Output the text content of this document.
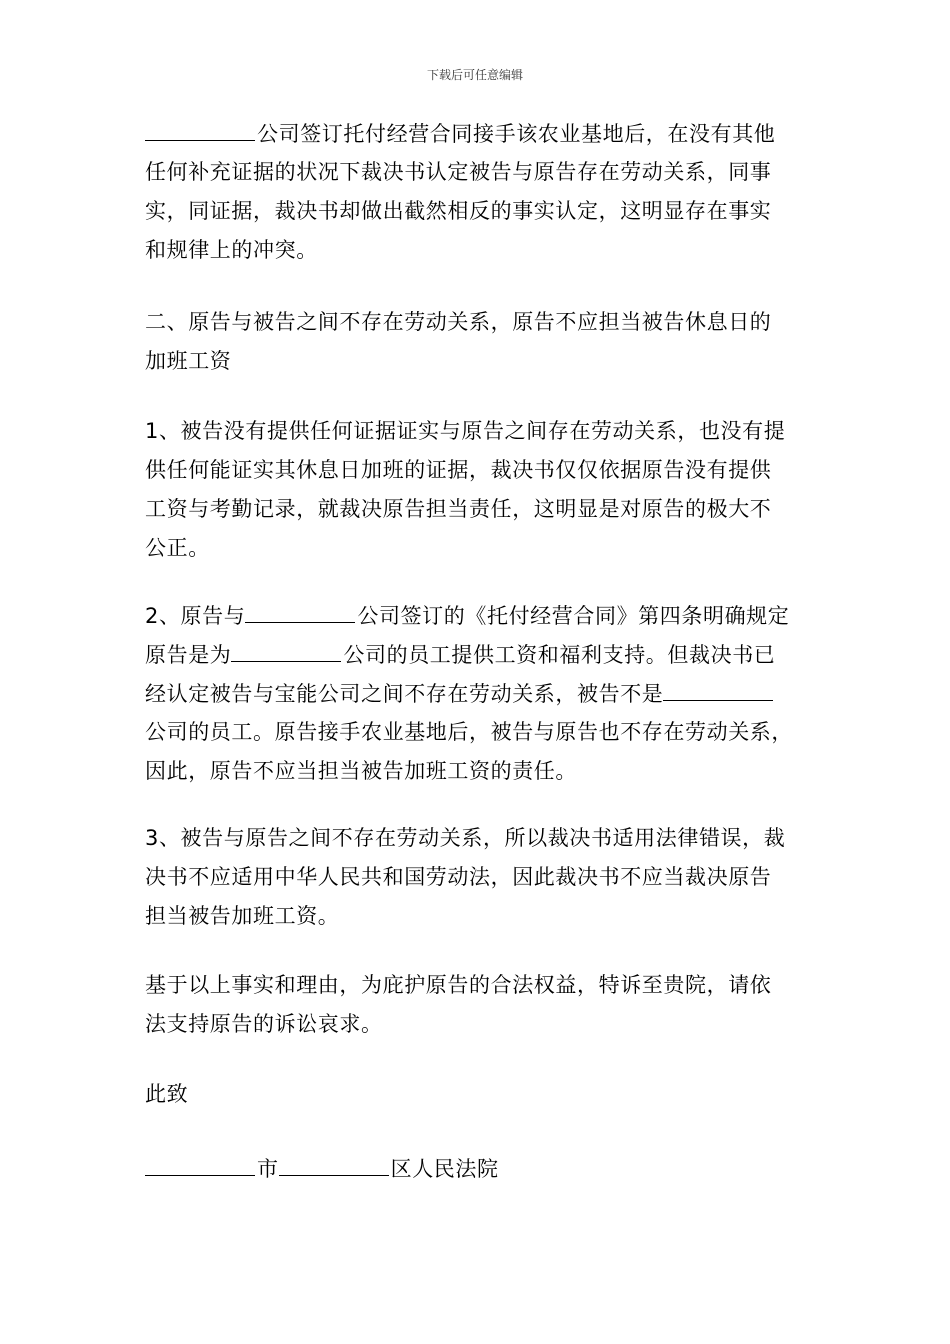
下载后可任意编辑
公司签订托付经营合同接手该农业基地后，在没有其他
任何补充证据的状况下裁决书认定被告与原告存在劳动关系，同事
实，同证据，裁决书却做出截然相反的事实认定，这明显存在事实
和规律上的冲突。
二、原告与被告之间不存在劳动关系，原告不应担当被告休息日的
加班工资
1、被告没有提供任何证据证实与原告之间存在劳动关系，也没有提
供任何能证实其休息日加班的证据，裁决书仅仅依据原告没有提供
工资与考勤记录，就裁决原告担当责任，这明显是对原告的极大不
公正。
2、原告与	公司签订的《托付经营合同》第四条明确规定
原告是为	公司的员工提供工资和福利支持。但裁决书已
经认定被告与宝能公司之间不存在劳动关系，被告不是
公司的员工。原告接手农业基地后，被告与原告也不存在劳动关系，
因此，原告不应当担当被告加班工资的责任。
3、被告与原告之间不存在劳动关系，所以裁决书适用法律错误，裁
决书不应适用中华人民共和国劳动法，因此裁决书不应当裁决原告
担当被告加班工资。
基于以上事实和理由，为庇护原告的合法权益，特诉至贵院，请依
法支持原告的诉讼哀求。
此致
市	区人民法院
